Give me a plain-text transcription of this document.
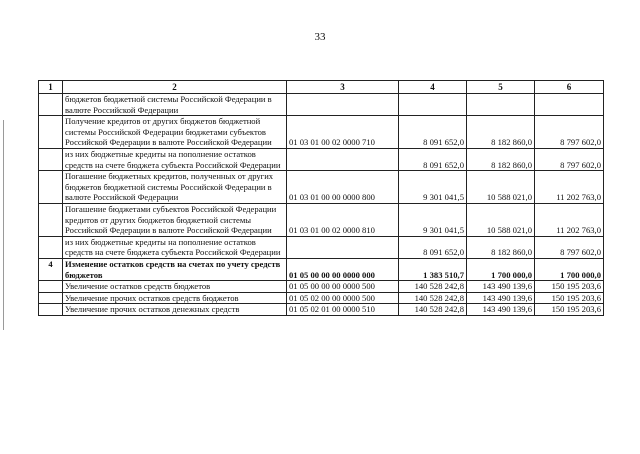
33
1	2	3	4	5	6
	бюджетов бюджетной системы Российской Федерации в валюте Российской Федерации				
	Получение кредитов от других бюджетов бюджетной системы Российской Федерации бюджетами субъектов Российской Федерации в валюте Российской Федерации	01 03 01 00 02 0000 710	8 091 652,0	8 182 860,0	8 797 602,0
	из них бюджетные кредиты на пополнение остатков средств на счете бюджета субъекта Российской Федерации		8 091 652,0	8 182 860,0	8 797 602,0
	Погашение бюджетных кредитов, полученных от других бюджетов бюджетной системы Российской Федерации в валюте Российской Федерации	01 03 01 00 00 0000 800	9 301 041,5	10 588 021,0	11 202 763,0
	Погашение бюджетами субъектов Российской Федерации кредитов от других бюджетов бюджетной системы Российской Федерации в валюте Российской Федерации	01 03 01 00 02 0000 810	9 301 041,5	10 588 021,0	11 202 763,0
	из них бюджетные кредиты на пополнение остатков средств на счете бюджета субъекта Российской Федерации		8 091 652,0	8 182 860,0	8 797 602,0
4	Изменение остатков средств на счетах по учету средств бюджетов	01 05 00 00 00 0000 000	1 383 510,7	1 700 000,0	1 700 000,0
	Увеличение остатков средств бюджетов	01 05 00 00 00 0000 500	140 528 242,8	143 490 139,6	150 195 203,6
	Увеличение прочих остатков средств бюджетов	01 05 02 00 00 0000 500	140 528 242,8	143 490 139,6	150 195 203,6
	Увеличение прочих остатков денежных средств	01 05 02 01 00 0000 510	140 528 242,8	143 490 139,6	150 195 203,6
